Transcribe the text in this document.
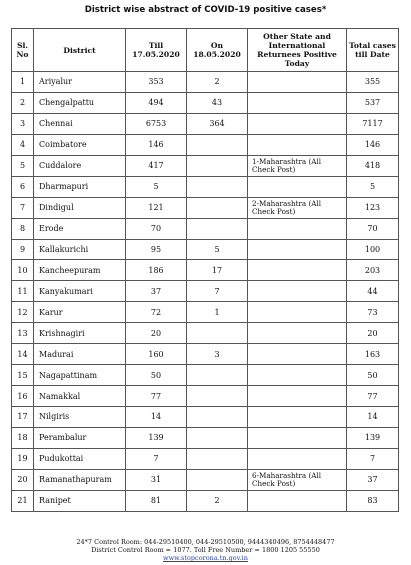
District wise abstract of COVID-19 positive cases*
Sl. No	District	Till 17.05.2020	On 18.05.2020	Other State and International Returnees Positive Today	Total cases till Date
1	Ariyalur	353	2		355
2	Chengalpattu	494	43		537
3	Chennai	6753	364		7117
4	Coimbatore	146			146
5	Cuddalore	417		1-Maharashtra (All Check Post)	418
6	Dharmapuri	5			5
7	Dindigul	121		2-Maharashtra (All Check Post)	123
8	Erode	70			70
9	Kallakurichi	95	5		100
10	Kancheepuram	186	17		203
11	Kanyakumari	37	7		44
12	Karur	72	1		73
13	Krishnagiri	20			20
14	Madurai	160	3		163
15	Nagapattinam	50			50
16	Namakkal	77			77
17	Nilgiris	14			14
18	Perambalur	139			139
19	Pudukottai	7			7
20	Ramanathapuram	31		6-Maharashtra (All Check Post)	37
21	Ranipet	81	2		83
24*7 Control Room: 044-29510400, 044-29510500, 9444340496, 8754448477
District Control Room = 1077. Toll Free Number = 1800 1205 55550
www.stopcorona.tn.gov.in
